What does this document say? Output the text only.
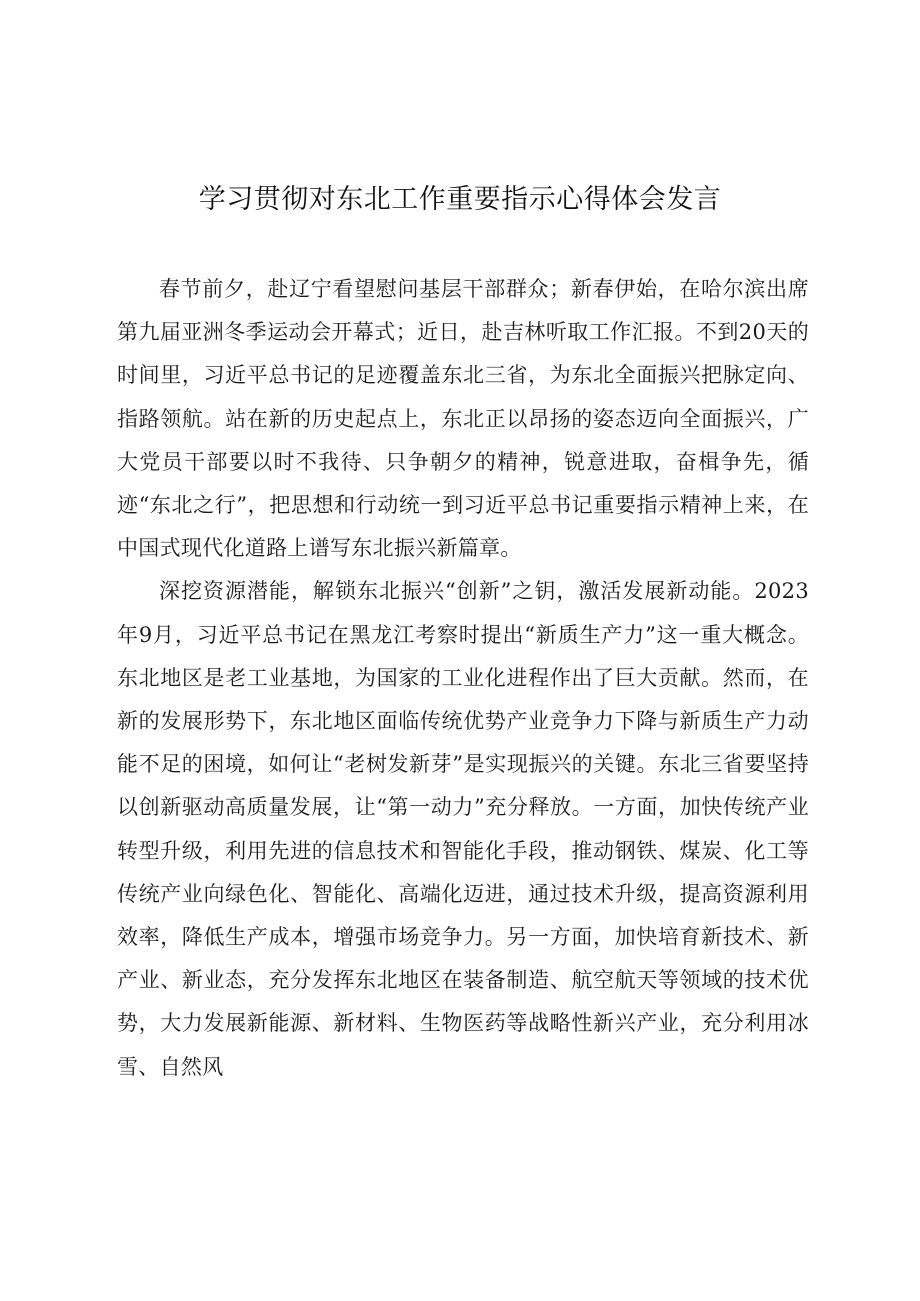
学习贯彻对东北工作重要指示心得体会发言

春节前夕，赴辽宁看望慰问基层干部群众；新春伊始，在哈尔滨出席第九届亚洲冬季运动会开幕式；近日，赴吉林听取工作汇报。不到20天的时间里，习近平总书记的足迹覆盖东北三省，为东北全面振兴把脉定向、指路领航。站在新的历史起点上，东北正以昂扬的姿态迈向全面振兴，广大党员干部要以时不我待、只争朝夕的精神，锐意进取，奋楫争先，循迹“东北之行”，把思想和行动统一到习近平总书记重要指示精神上来，在中国式现代化道路上谱写东北振兴新篇章。

深挖资源潜能，解锁东北振兴“创新”之钥，激活发展新动能。2023年9月，习近平总书记在黑龙江考察时提出“新质生产力”这一重大概念。东北地区是老工业基地，为国家的工业化进程作出了巨大贡献。然而，在新的发展形势下，东北地区面临传统优势产业竞争力下降与新质生产力动能不足的困境，如何让“老树发新芽”是实现振兴的关键。东北三省要坚持以创新驱动高质量发展，让“第一动力”充分释放。一方面，加快传统产业转型升级，利用先进的信息技术和智能化手段，推动钢铁、煤炭、化工等传统产业向绿色化、智能化、高端化迈进，通过技术升级，提高资源利用效率，降低生产成本，增强市场竞争力。另一方面，加快培育新技术、新产业、新业态，充分发挥东北地区在装备制造、航空航天等领域的技术优势，大力发展新能源、新材料、生物医药等战略性新兴产业，充分利用冰雪、自然风
